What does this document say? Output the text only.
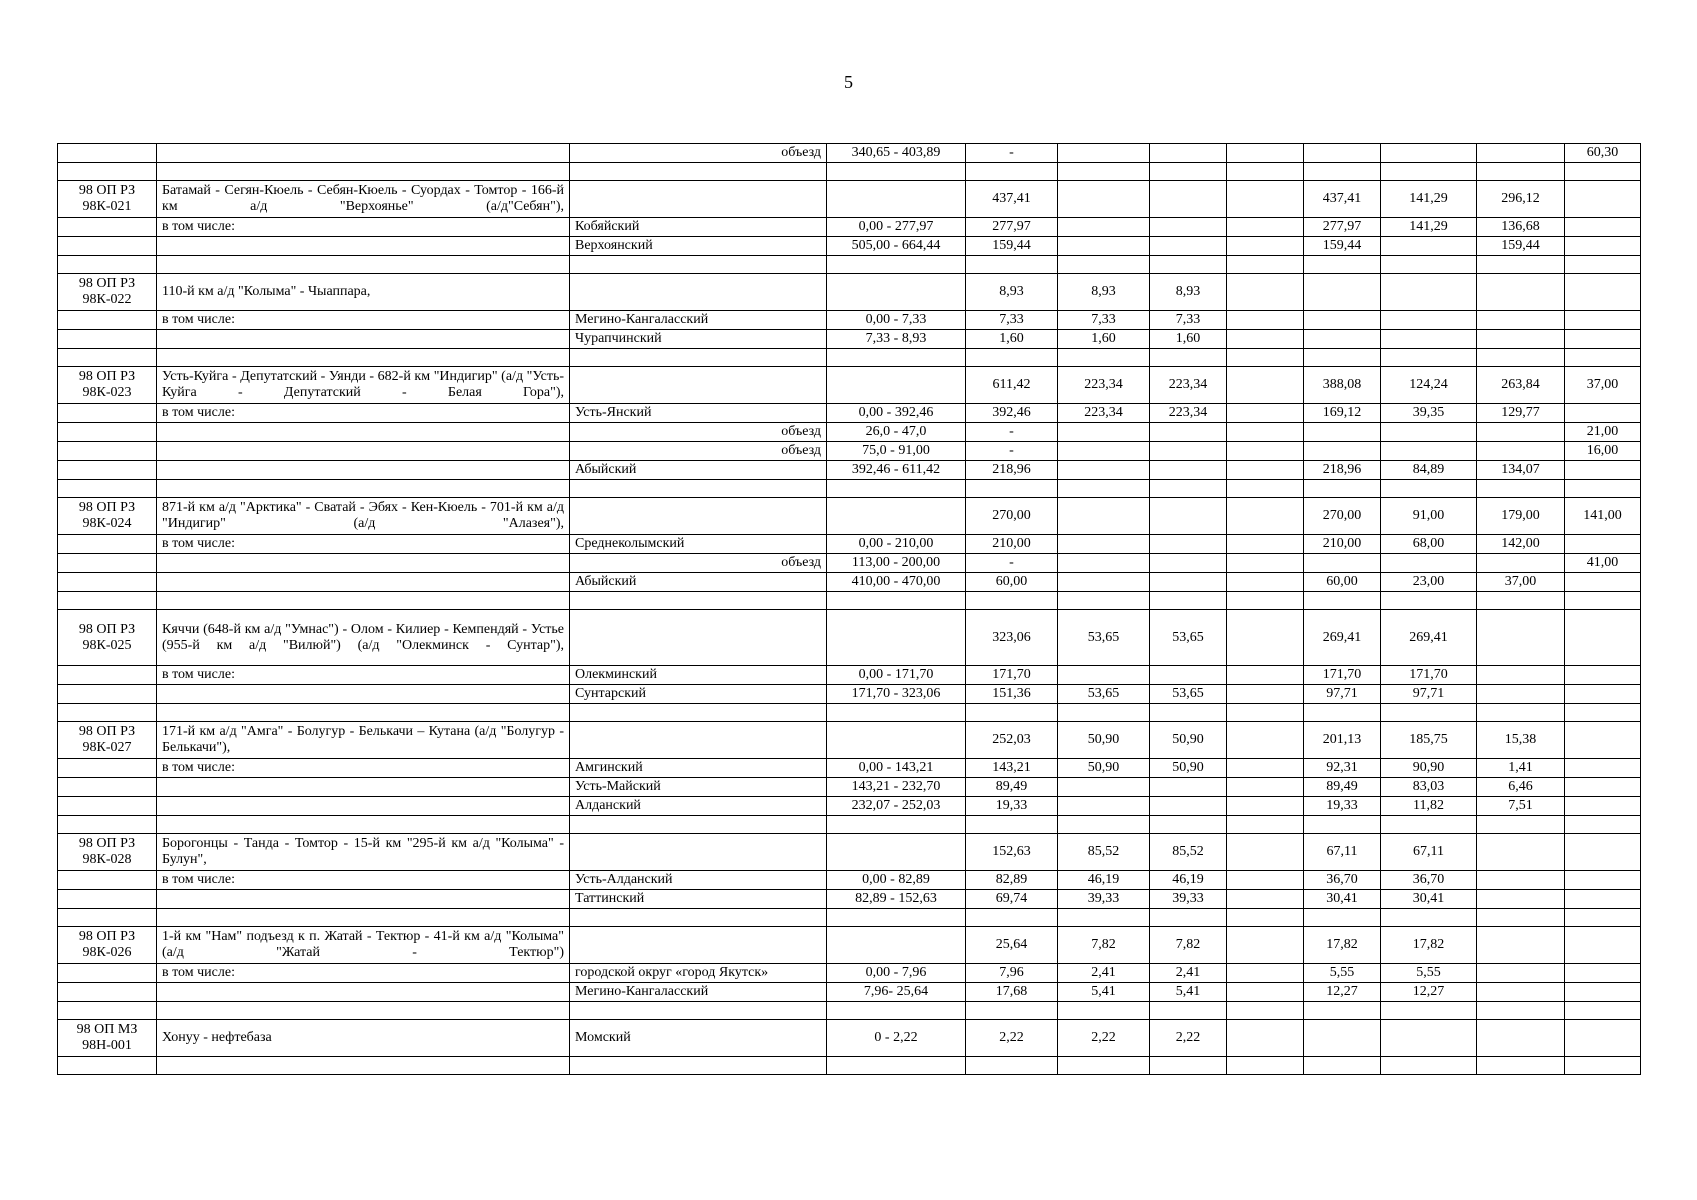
5
		объезд	340,65 - 403,89	-							60,30

98 ОП РЗ 98К-021	Батамай - Сегян-Кюель - Себян-Кюель - Суордах - Томтор - 166-й км а/д "Верхоянье" (а/д"Себян"),			437,41				437,41	141,29	296,12	
	в том числе:	Кобяйский	0,00 - 277,97	277,97				277,97	141,29	136,68	
		Верхоянский	505,00 - 664,44	159,44				159,44		159,44	

98 ОП РЗ 98К-022	110-й км а/д "Колыма" - Чыаппара,			8,93	8,93	8,93					
	в том числе:	Мегино-Кангаласский	0,00 - 7,33	7,33	7,33	7,33					
		Чурапчинский	7,33 - 8,93	1,60	1,60	1,60					

98 ОП РЗ 98К-023	Усть-Куйга - Депутатский - Уянди - 682-й км "Индигир" (а/д "Усть-Куйга - Депутатский - Белая Гора"),			611,42	223,34	223,34		388,08	124,24	263,84	37,00
	в том числе:	Усть-Янский	0,00 - 392,46	392,46	223,34	223,34		169,12	39,35	129,77	
		объезд	26,0 - 47,0	-							21,00
		объезд	75,0 - 91,00	-							16,00
		Абыйский	392,46 - 611,42	218,96				218,96	84,89	134,07	

98 ОП РЗ 98К-024	871-й км а/д "Арктика" - Сватай - Эбях - Кен-Кюель - 701-й км а/д "Индигир" (а/д "Алазея"),			270,00				270,00	91,00	179,00	141,00
	в том числе:	Среднеколымский	0,00 - 210,00	210,00				210,00	68,00	142,00	
		объезд	113,00 - 200,00	-							41,00
		Абыйский	410,00 - 470,00	60,00				60,00	23,00	37,00	

98 ОП РЗ 98К-025	Кяччи (648-й км а/д "Умнас") - Олом - Килиер - Кемпендяй - Устье (955-й км а/д "Вилюй") (а/д "Олекминск - Сунтар"),			323,06	53,65	53,65		269,41	269,41		
	в том числе:	Олекминский	0,00 - 171,70	171,70				171,70	171,70		
		Сунтарский	171,70 - 323,06	151,36	53,65	53,65		97,71	97,71		

98 ОП РЗ 98К-027	171-й км а/д "Амга" - Болугур - Белькачи – Кутана (а/д "Болугур - Белькачи"),			252,03	50,90	50,90		201,13	185,75	15,38	
	в том числе:	Амгинский	0,00 - 143,21	143,21	50,90	50,90		92,31	90,90	1,41	
		Усть-Майский	143,21 - 232,70	89,49				89,49	83,03	6,46	
		Алданский	232,07 - 252,03	19,33				19,33	11,82	7,51	

98 ОП РЗ 98К-028	Борогонцы - Танда - Томтор - 15-й км "295-й км а/д "Колыма" - Булун",			152,63	85,52	85,52		67,11	67,11		
	в том числе:	Усть-Алданский	0,00 - 82,89	82,89	46,19	46,19		36,70	36,70		
		Таттинский	82,89 - 152,63	69,74	39,33	39,33		30,41	30,41		

98 ОП РЗ 98К-026	1-й км "Нам" подъезд к п. Жатай - Тектюр - 41-й км а/д "Колыма" (а/д "Жатай - Тектюр")			25,64	7,82	7,82		17,82	17,82		
	в том числе:	городской округ «город Якутск»	0,00 - 7,96	7,96	2,41	2,41		5,55	5,55		
		Мегино-Кангаласский	7,96- 25,64	17,68	5,41	5,41		12,27	12,27		

98 ОП МЗ 98Н-001	Хонуу - нефтебаза	Момский	0 - 2,22	2,22	2,22	2,22					
